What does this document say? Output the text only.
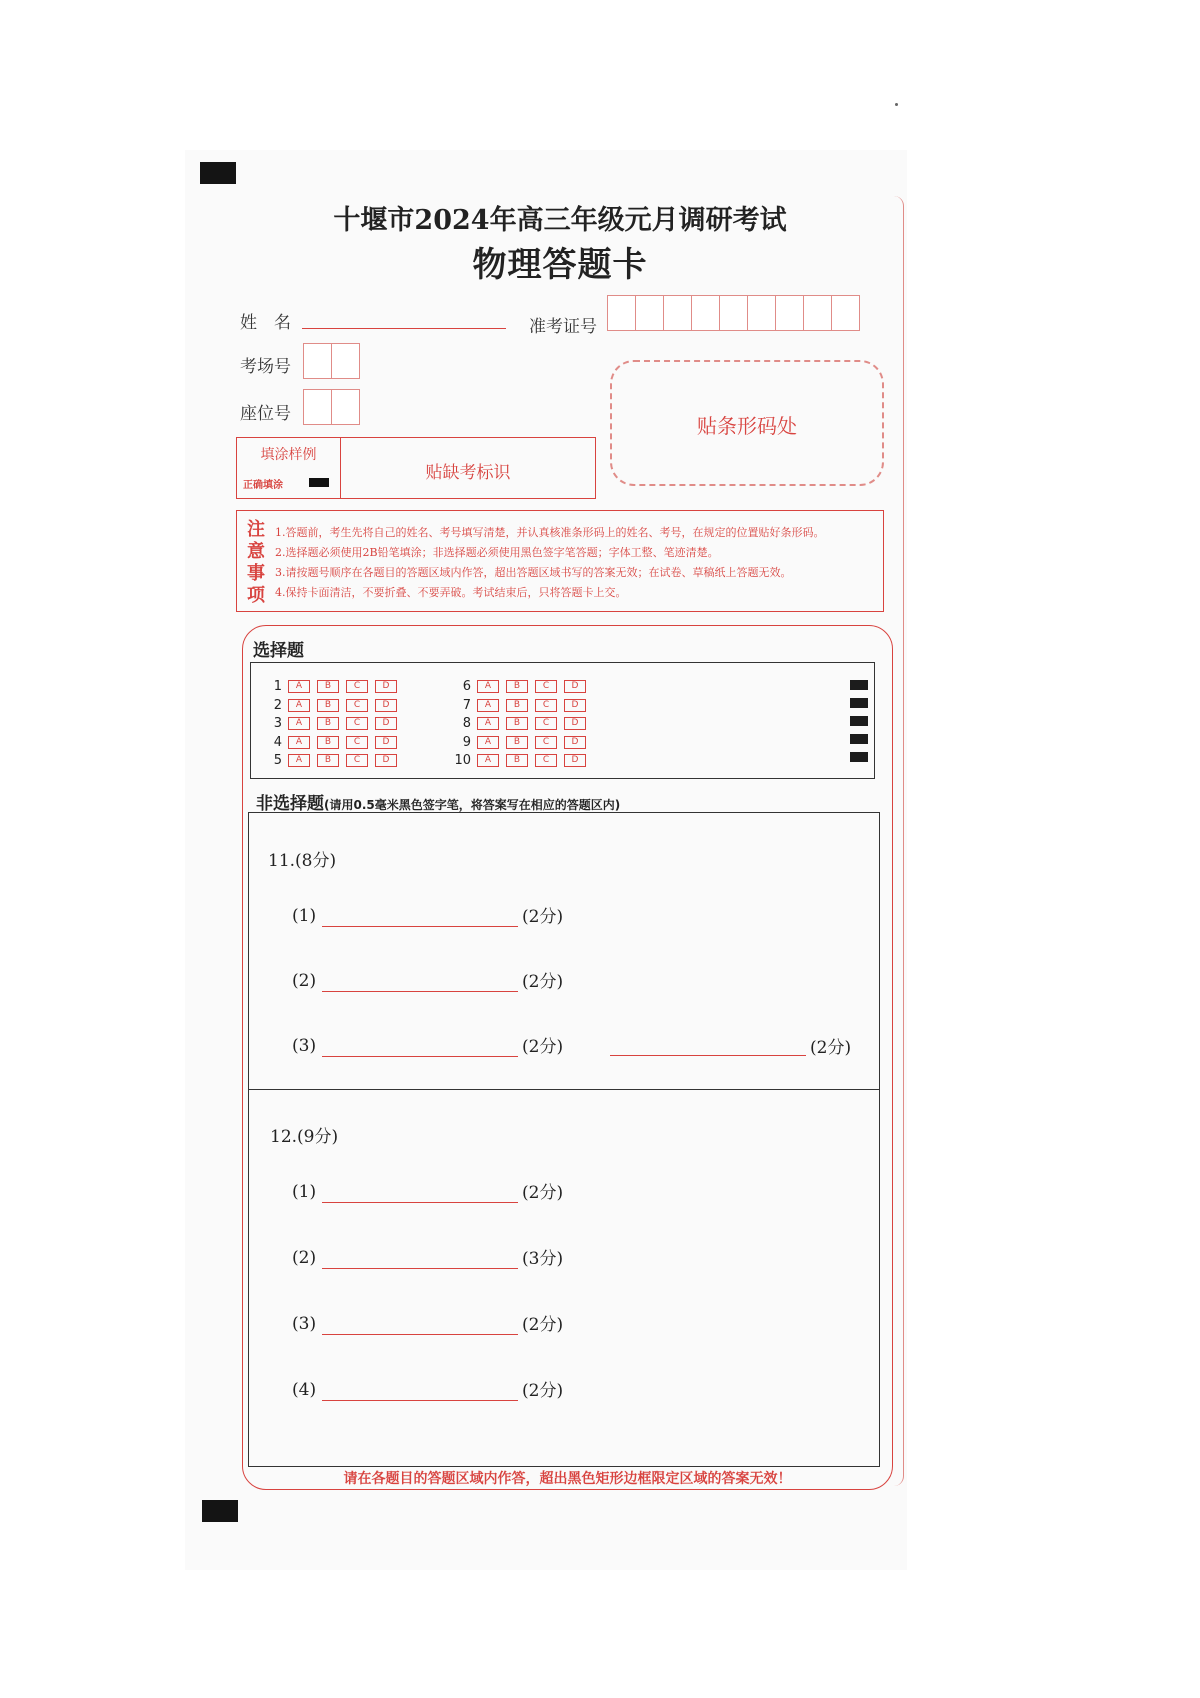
十堰市2024年高三年级元月调研考试
物理答题卡
姓　名	准考证号
考场号
座位号	贴条形码处
填涂样例
正确填涂
贴缺考标识
注
意
事
项
1.答题前，考生先将自己的姓名、考号填写清楚，并认真核准条形码上的姓名、考号，在规定的位置贴好条形码。
2.选择题必须使用2B铅笔填涂；非选择题必须使用黑色签字笔答题；字体工整、笔迹清楚。
3.请按题号顺序在各题目的答题区域内作答，超出答题区域书写的答案无效；在试卷、草稿纸上答题无效。
4.保持卡面清洁，不要折叠、不要弄破。考试结束后，只将答题卡上交。
选择题
1	A	B	C	D
2	A	B	C	D
3	A	B	C	D
4	A	B	C	D
5	A	B	C	D
6	A	B	C	D
7	A	B	C	D
8	A	B	C	D
9	A	B	C	D
10	A	B	C	D
非选择题(请用0.5毫米黑色签字笔，将答案写在相应的答题区内)
11.(8分)
(1)	(2分)
(2)	(2分)
(3)	(2分)	(2分)
12.(9分)
(1)	(2分)
(2)	(3分)
(3)	(2分)
(4)	(2分)
请在各题目的答题区域内作答，超出黑色矩形边框限定区域的答案无效！
